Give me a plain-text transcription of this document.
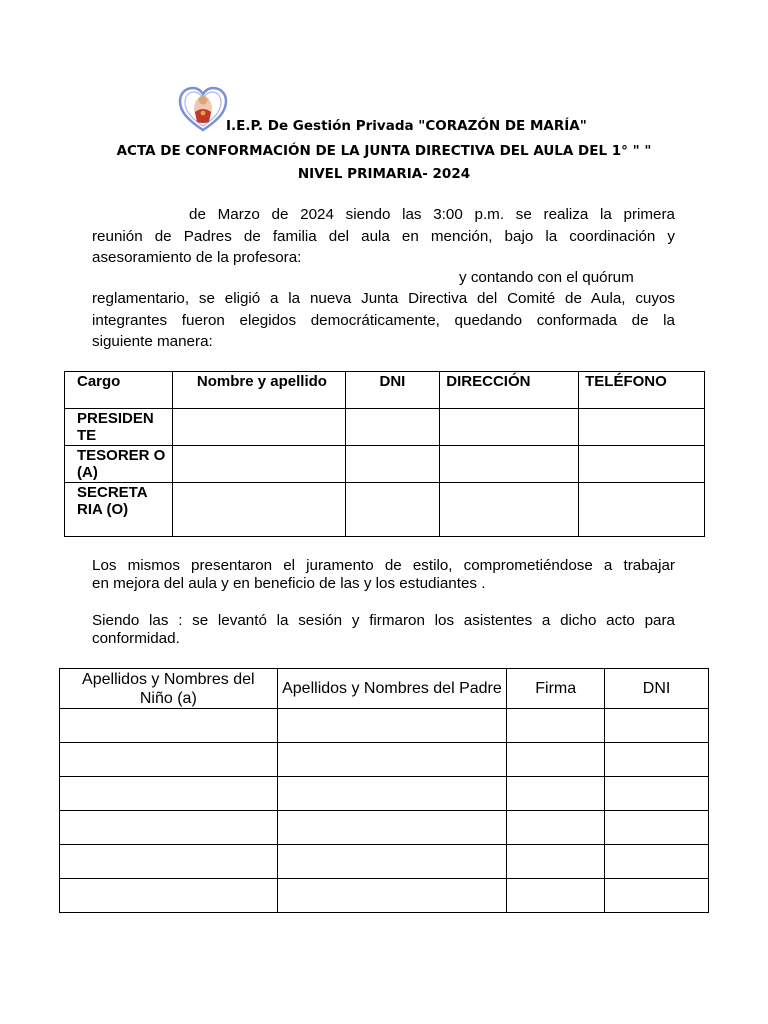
I.E.P. De Gestión Privada "CORAZÓN DE MARÍA"
ACTA DE CONFORMACIÓN DE LA JUNTA DIRECTIVA DEL AULA DEL 1° " "
NIVEL PRIMARIA- 2024
de Marzo de 2024 siendo las 3:00 p.m. se realiza la primera
reunión de Padres de familia del aula en mención, bajo la coordinación y
asesoramiento de la profesora:
y contando con el quórum
reglamentario, se eligió a la nueva Junta Directiva del Comité de Aula, cuyos
integrantes fueron elegidos democráticamente, quedando conformada de la
siguiente manera:
Cargo	Nombre y apellido	DNI	DIRECCIÓN	TELÉFONO
PRESIDEN TE				
TESORER O (A)				
SECRETA RIA (O)				
Los mismos presentaron el juramento de estilo, comprometiéndose a trabajar
en mejora del aula y en beneficio de las y los estudiantes .
Siendo las : se levantó la sesión y firmaron los asistentes a dicho acto para
conformidad.
Apellidos y Nombres del Niño (a)	Apellidos y Nombres del Padre	Firma	DNI
